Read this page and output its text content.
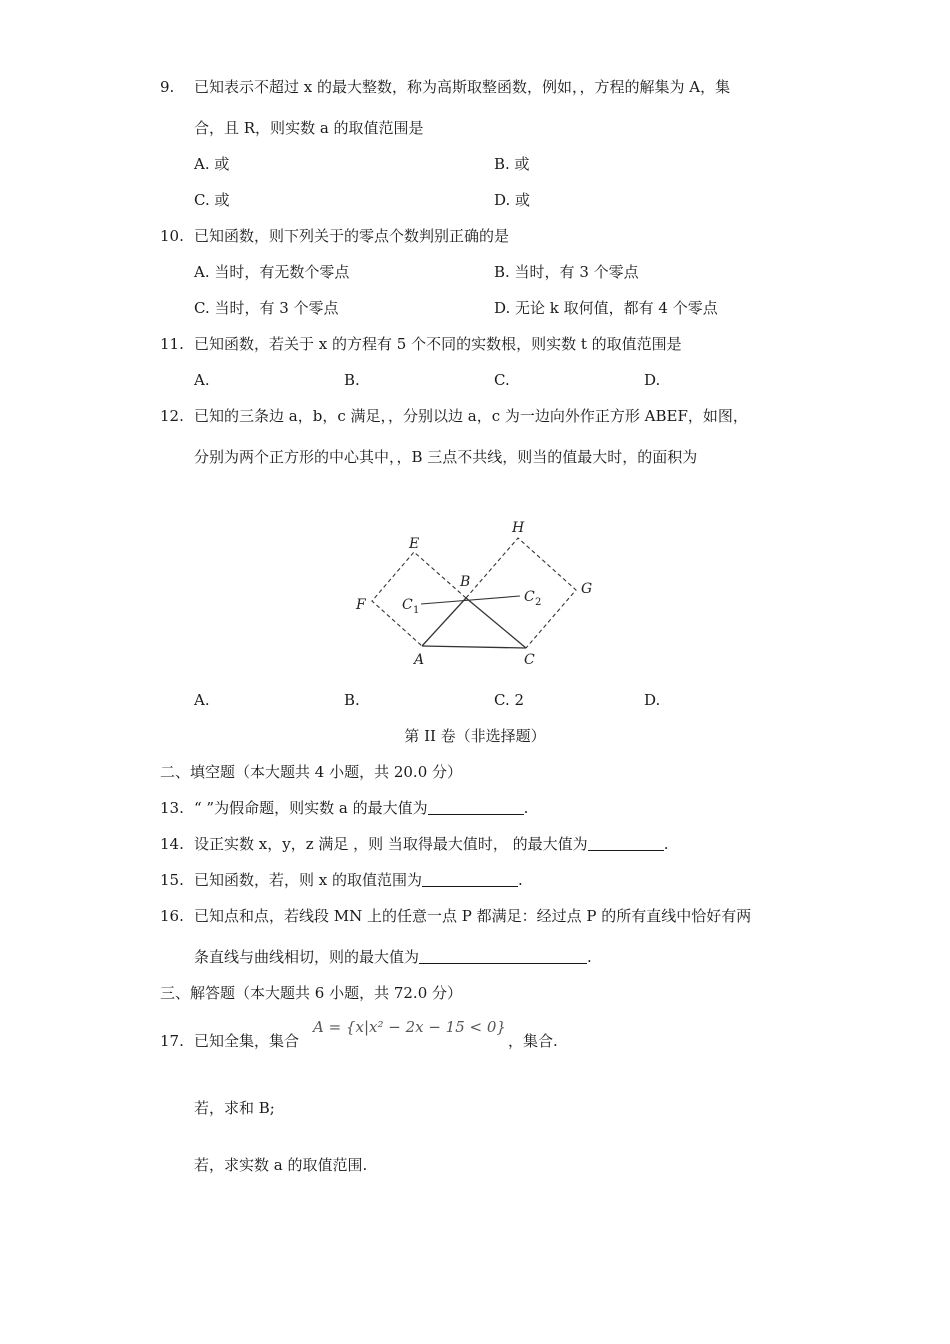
9. 已知表示不超过 x 的最大整数，称为高斯取整函数，例如，，方程的解集为 A，集
合，且 R，则实数 a 的取值范围是
A. 或	B. 或
C. 或	D. 或
10. 已知函数，则下列关于的零点个数判别正确的是
A. 当时，有无数个零点	B. 当时，有 3 个零点
C. 当时，有 3 个零点	D. 无论 k 取何值，都有 4 个零点
11. 已知函数，若关于 x 的方程有 5 个不同的实数根，则实数 t 的取值范围是
A.	B.	C.	D.
12. 已知的三条边 a，b，c 满足，，分别以边 a，c 为一边向外作正方形 ABEF，如图，
分别为两个正方形的中心其中，，B 三点不共线，则当的值最大时，的面积为
E
H
B
F	C 1
C 2
G
A	C
A.	B.	C. 2	D.
第 II 卷（非选择题）
二、填空题（本大题共 4 小题，共 20.0 分）
13. “ ”为假命题，则实数 a 的最大值为	.
14. 设正实数 x，y，z 满足 ，则 当取得最大值时， 的最大值为	.
15. 已知函数，若，则 x 的取值范围为	.
16. 已知点和点，若线段 MN 上的任意一点 P 都满足：经过点 P 的所有直线中恰好有两
条直线与曲线相切，则的最大值为	.
三、解答题（本大题共 6 小题，共 72.0 分）
17. 已知全集，集合
A = {x|x² − 2x − 15 < 0}
，集合.
若，求和 B;
若，求实数 a 的取值范围.
